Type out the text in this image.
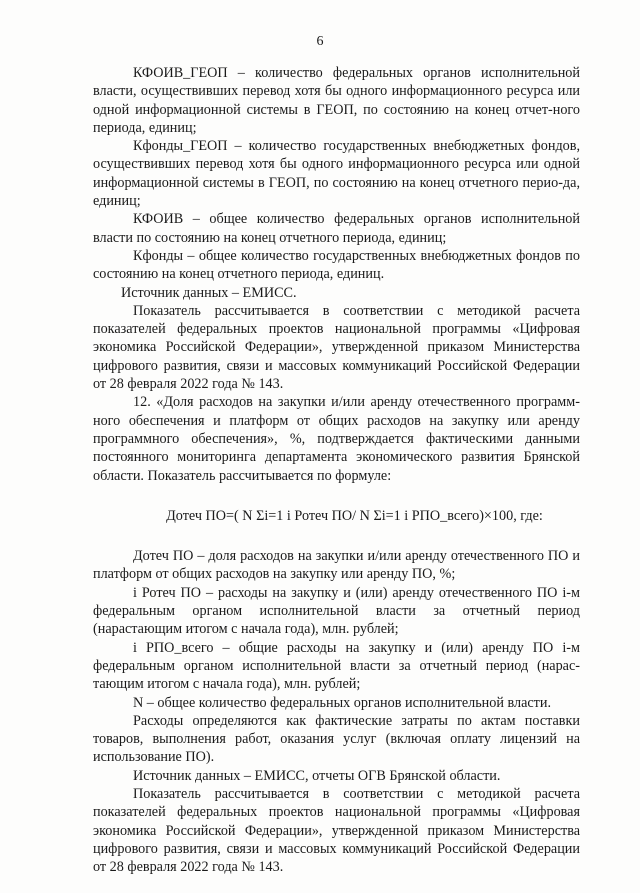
6

КФОИВ_ГЕОП – количество федеральных органов исполнительной власти, осуществивших перевод хотя бы одного информационного ресурса или одной информационной системы в ГЕОП, по состоянию на конец отчет-ного периода, единиц;

Кфонды_ГЕОП – количество государственных внебюджетных фондов, осуществивших перевод хотя бы одного информационного ресурса или одной информационной системы в ГЕОП, по состоянию на конец отчетного перио-да, единиц;

КФОИВ – общее количество федеральных органов исполнительной власти по состоянию на конец отчетного периода, единиц;

Кфонды – общее количество государственных внебюджетных фондов по состоянию на конец отчетного периода, единиц.

Источник данных – ЕМИСС.

Показатель рассчитывается в соответствии с методикой расчета показателей федеральных проектов национальной программы «Цифровая экономика Российской Федерации», утвержденной приказом Министерства цифрового развития, связи и массовых коммуникаций Российской Федерации от 28 февраля 2022 года № 143.

12. «Доля расходов на закупки и/или аренду отечественного программ-ного обеспечения и платформ от общих расходов на закупку или аренду программного обеспечения», %, подтверждается фактическими данными постоянного мониторинга департамента экономического развития Брянской области. Показатель рассчитывается по формуле:

Дотеч ПО=( N Σi=1 i Ротеч ПО/ N Σi=1 i РПО_всего)×100, где:

Дотеч ПО – доля расходов на закупки и/или аренду отечественного ПО и платформ от общих расходов на закупку или аренду ПО, %;

i Ротеч ПО – расходы на закупку и (или) аренду отечественного ПО i-м федеральным органом исполнительной власти за отчетный период (нарастающим итогом с начала года), млн. рублей;

i РПО_всего – общие расходы на закупку и (или) аренду ПО i-м федеральным органом исполнительной власти за отчетный период (нарас-тающим итогом с начала года), млн. рублей;

N – общее количество федеральных органов исполнительной власти.

Расходы определяются как фактические затраты по актам поставки товаров, выполнения работ, оказания услуг (включая оплату лицензий на использование ПО).

Источник данных – ЕМИСС, отчеты ОГВ Брянской области.

Показатель рассчитывается в соответствии с методикой расчета показателей федеральных проектов национальной программы «Цифровая экономика Российской Федерации», утвержденной приказом Министерства цифрового развития, связи и массовых коммуникаций Российской Федерации от 28 февраля 2022 года № 143.
